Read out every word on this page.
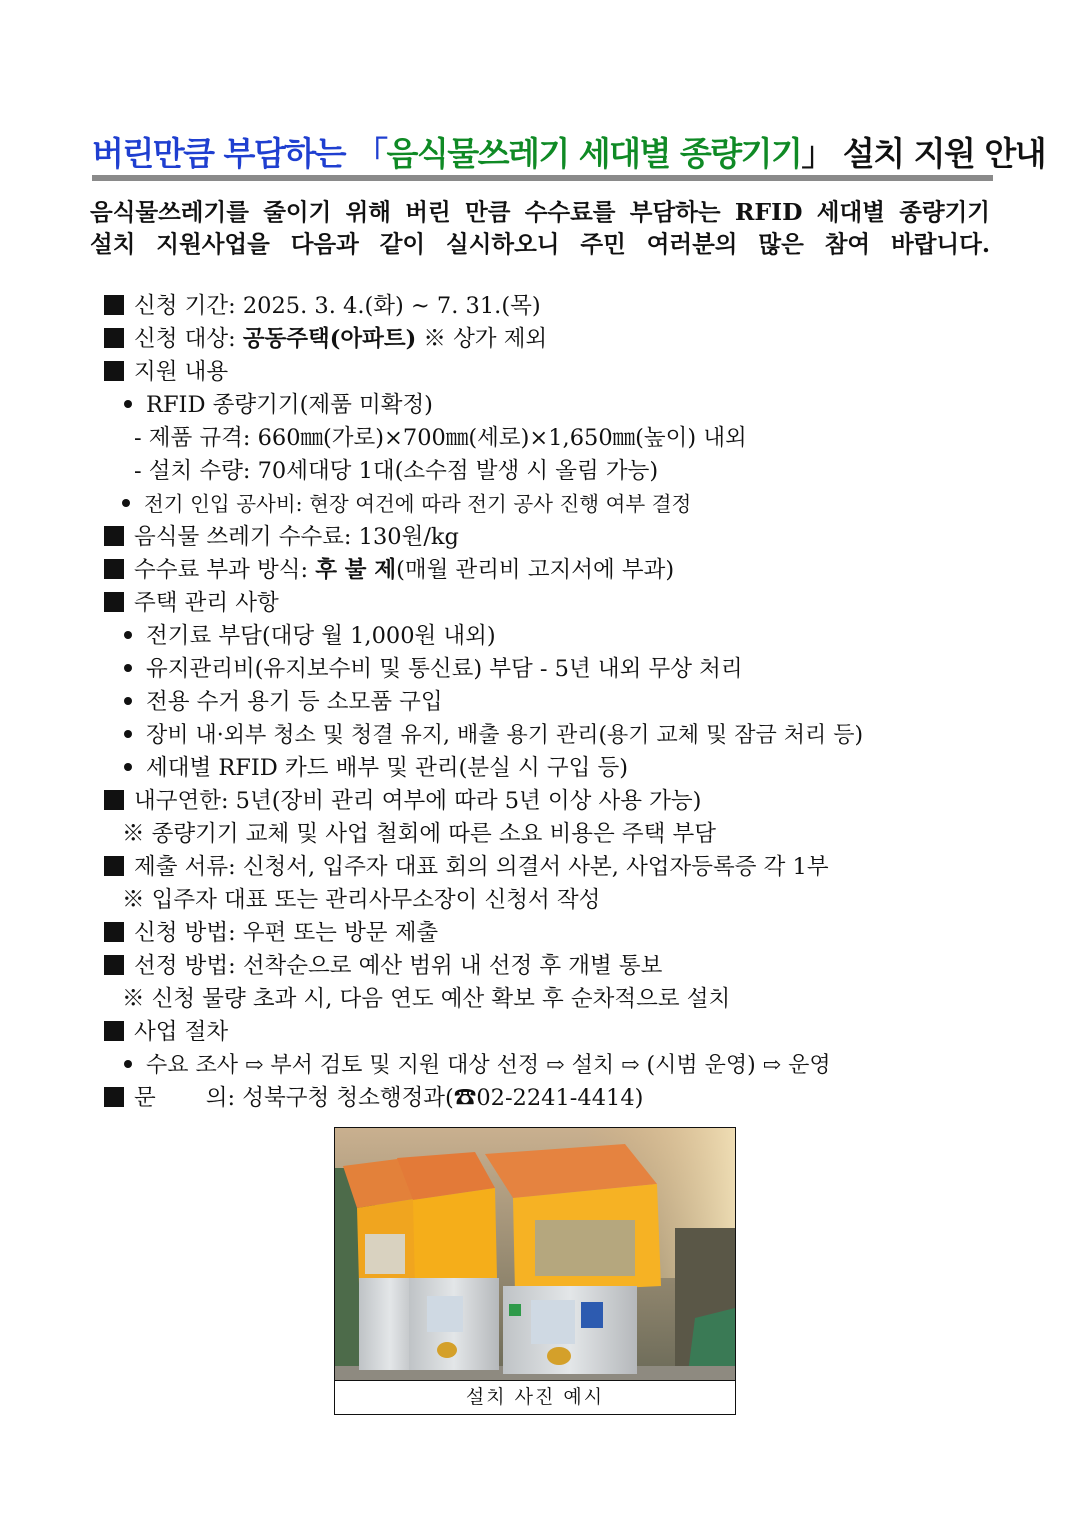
버린만큼 부담하는 「음식물쓰레기 세대별 종량기기」 설치 지원 안내
음식물쓰레기를 줄이기 위해 버린 만큼 수수료를 부담하는 RFID 세대별 종량기기
설치 지원사업을 다음과 같이 실시하오니 주민 여러분의 많은 참여 바랍니다.
신청 기간: 2025. 3. 4.(화) ~ 7. 31.(목)
신청 대상: 공동주택(아파트) ※ 상가 제외
지원 내용
RFID 종량기기(제품 미확정)
- 제품 규격: 660㎜(가로)×700㎜(세로)×1,650㎜(높이) 내외
- 설치 수량: 70세대당 1대(소수점 발생 시 올림 가능)
전기 인입 공사비: 현장 여건에 따라 전기 공사 진행 여부 결정
음식물 쓰레기 수수료: 130원/kg
수수료 부과 방식: 후 불 제(매월 관리비 고지서에 부과)
주택 관리 사항
전기료 부담(대당 월 1,000원 내외)
유지관리비(유지보수비 및 통신료) 부담 - 5년 내외 무상 처리
전용 수거 용기 등 소모품 구입
장비 내·외부 청소 및 청결 유지, 배출 용기 관리(용기 교체 및 잠금 처리 등)
세대별 RFID 카드 배부 및 관리(분실 시 구입 등)
내구연한: 5년(장비 관리 여부에 따라 5년 이상 사용 가능)
※ 종량기기 교체 및 사업 철회에 따른 소요 비용은 주택 부담
제출 서류: 신청서, 입주자 대표 회의 의결서 사본, 사업자등록증 각 1부
※ 입주자 대표 또는 관리사무소장이 신청서 작성
신청 방법: 우편 또는 방문 제출
선정 방법: 선착순으로 예산 범위 내 선정 후 개별 통보
※ 신청 물량 초과 시, 다음 연도 예산 확보 후 순차적으로 설치
사업 절차
수요 조사 ⇨ 부서 검토 및 지원 대상 선정 ⇨ 설치 ⇨ (시범 운영) ⇨ 운영
문       의: 성북구청 청소행정과(☎02-2241-4414)
설치 사진 예시
